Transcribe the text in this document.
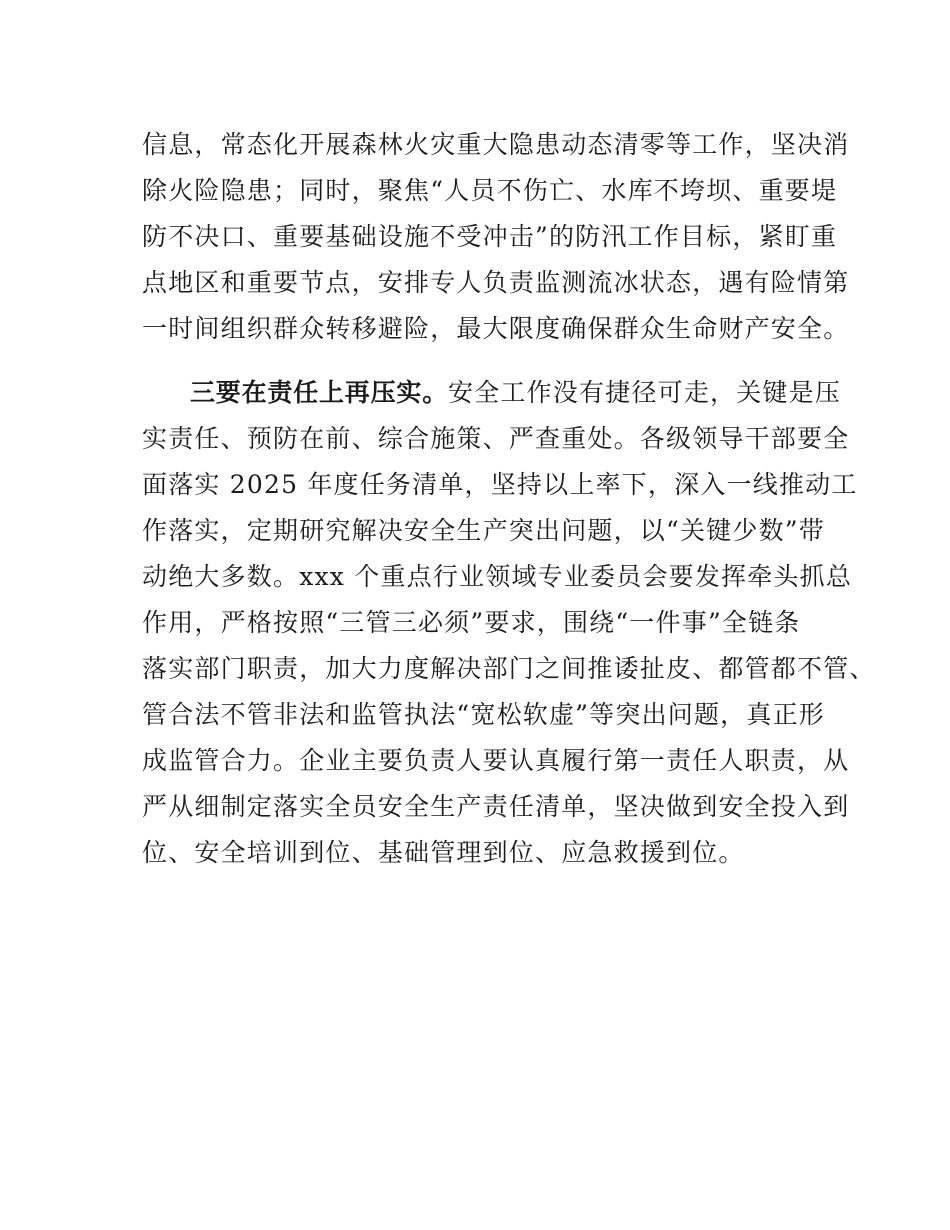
信息，常态化开展森林火灾重大隐患动态清零等工作，坚决消
除火险隐患；同时，聚焦“人员不伤亡、水库不垮坝、重要堤
防不决口、重要基础设施不受冲击”的防汛工作目标，紧盯重
点地区和重要节点，安排专人负责监测流冰状态，遇有险情第
一时间组织群众转移避险，最大限度确保群众生命财产安全。
三要在责任上再压实。安全工作没有捷径可走，关键是压
实责任、预防在前、综合施策、严查重处。各级领导干部要全
面落实 2025 年度任务清单，坚持以上率下，深入一线推动工
作落实，定期研究解决安全生产突出问题，以“关键少数”带
动绝大多数。xxx 个重点行业领域专业委员会要发挥牵头抓总
作用，严格按照“三管三必须”要求，围绕“一件事”全链条
落实部门职责，加大力度解决部门之间推诿扯皮、都管都不管、
管合法不管非法和监管执法“宽松软虚”等突出问题，真正形
成监管合力。企业主要负责人要认真履行第一责任人职责，从
严从细制定落实全员安全生产责任清单，坚决做到安全投入到
位、安全培训到位、基础管理到位、应急救援到位。
